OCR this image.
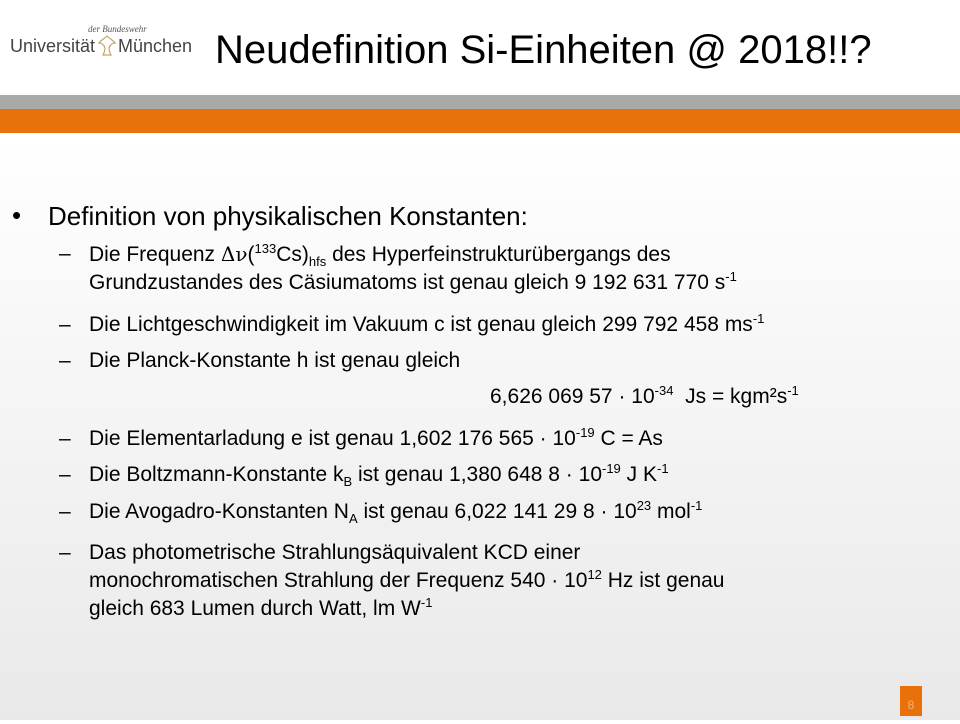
der Bundeswehr
Universität München Neudefinition Si-Einheiten @ 2018!!?
• Definition von physikalischen Konstanten:
– Die Frequenz $\Delta\nu(^{133}Cs)_{hfs}$ des Hyperfeinstrukturübergangs des
Grundzustandes des Cäsiumatoms ist genau gleich 9 192 631 770 $s^{-1}$
– Die Lichtgeschwindigkeit im Vakuum c ist genau gleich 299 792 458 $ms^{-1}$
– Die Planck-Konstante h ist genau gleich
6,626 069 $57 \cdot 10^{-34}$  $Js = kgm^2s^{-1}$
– Die Elementarladung e ist genau 1,602 176 $565 \cdot 10^{-19}$ C = As
– Die Boltzmann-Konstante $k_B$ ist genau 1,380 648 $8 \cdot 10^{-19}$ J $K^{-1}$
– Die Avogadro-Konstanten $N_A$ ist genau 6,022 141 29 $8 \cdot 10^{23}$ mol$^{-1}$
– Das photometrische Strahlungsäquivalent KCD einer
monochromatischen Strahlung der Frequenz $540 \cdot 10^{12}$ Hz ist genau
gleich 683 Lumen durch Watt, lm $W^{-1}$
8
